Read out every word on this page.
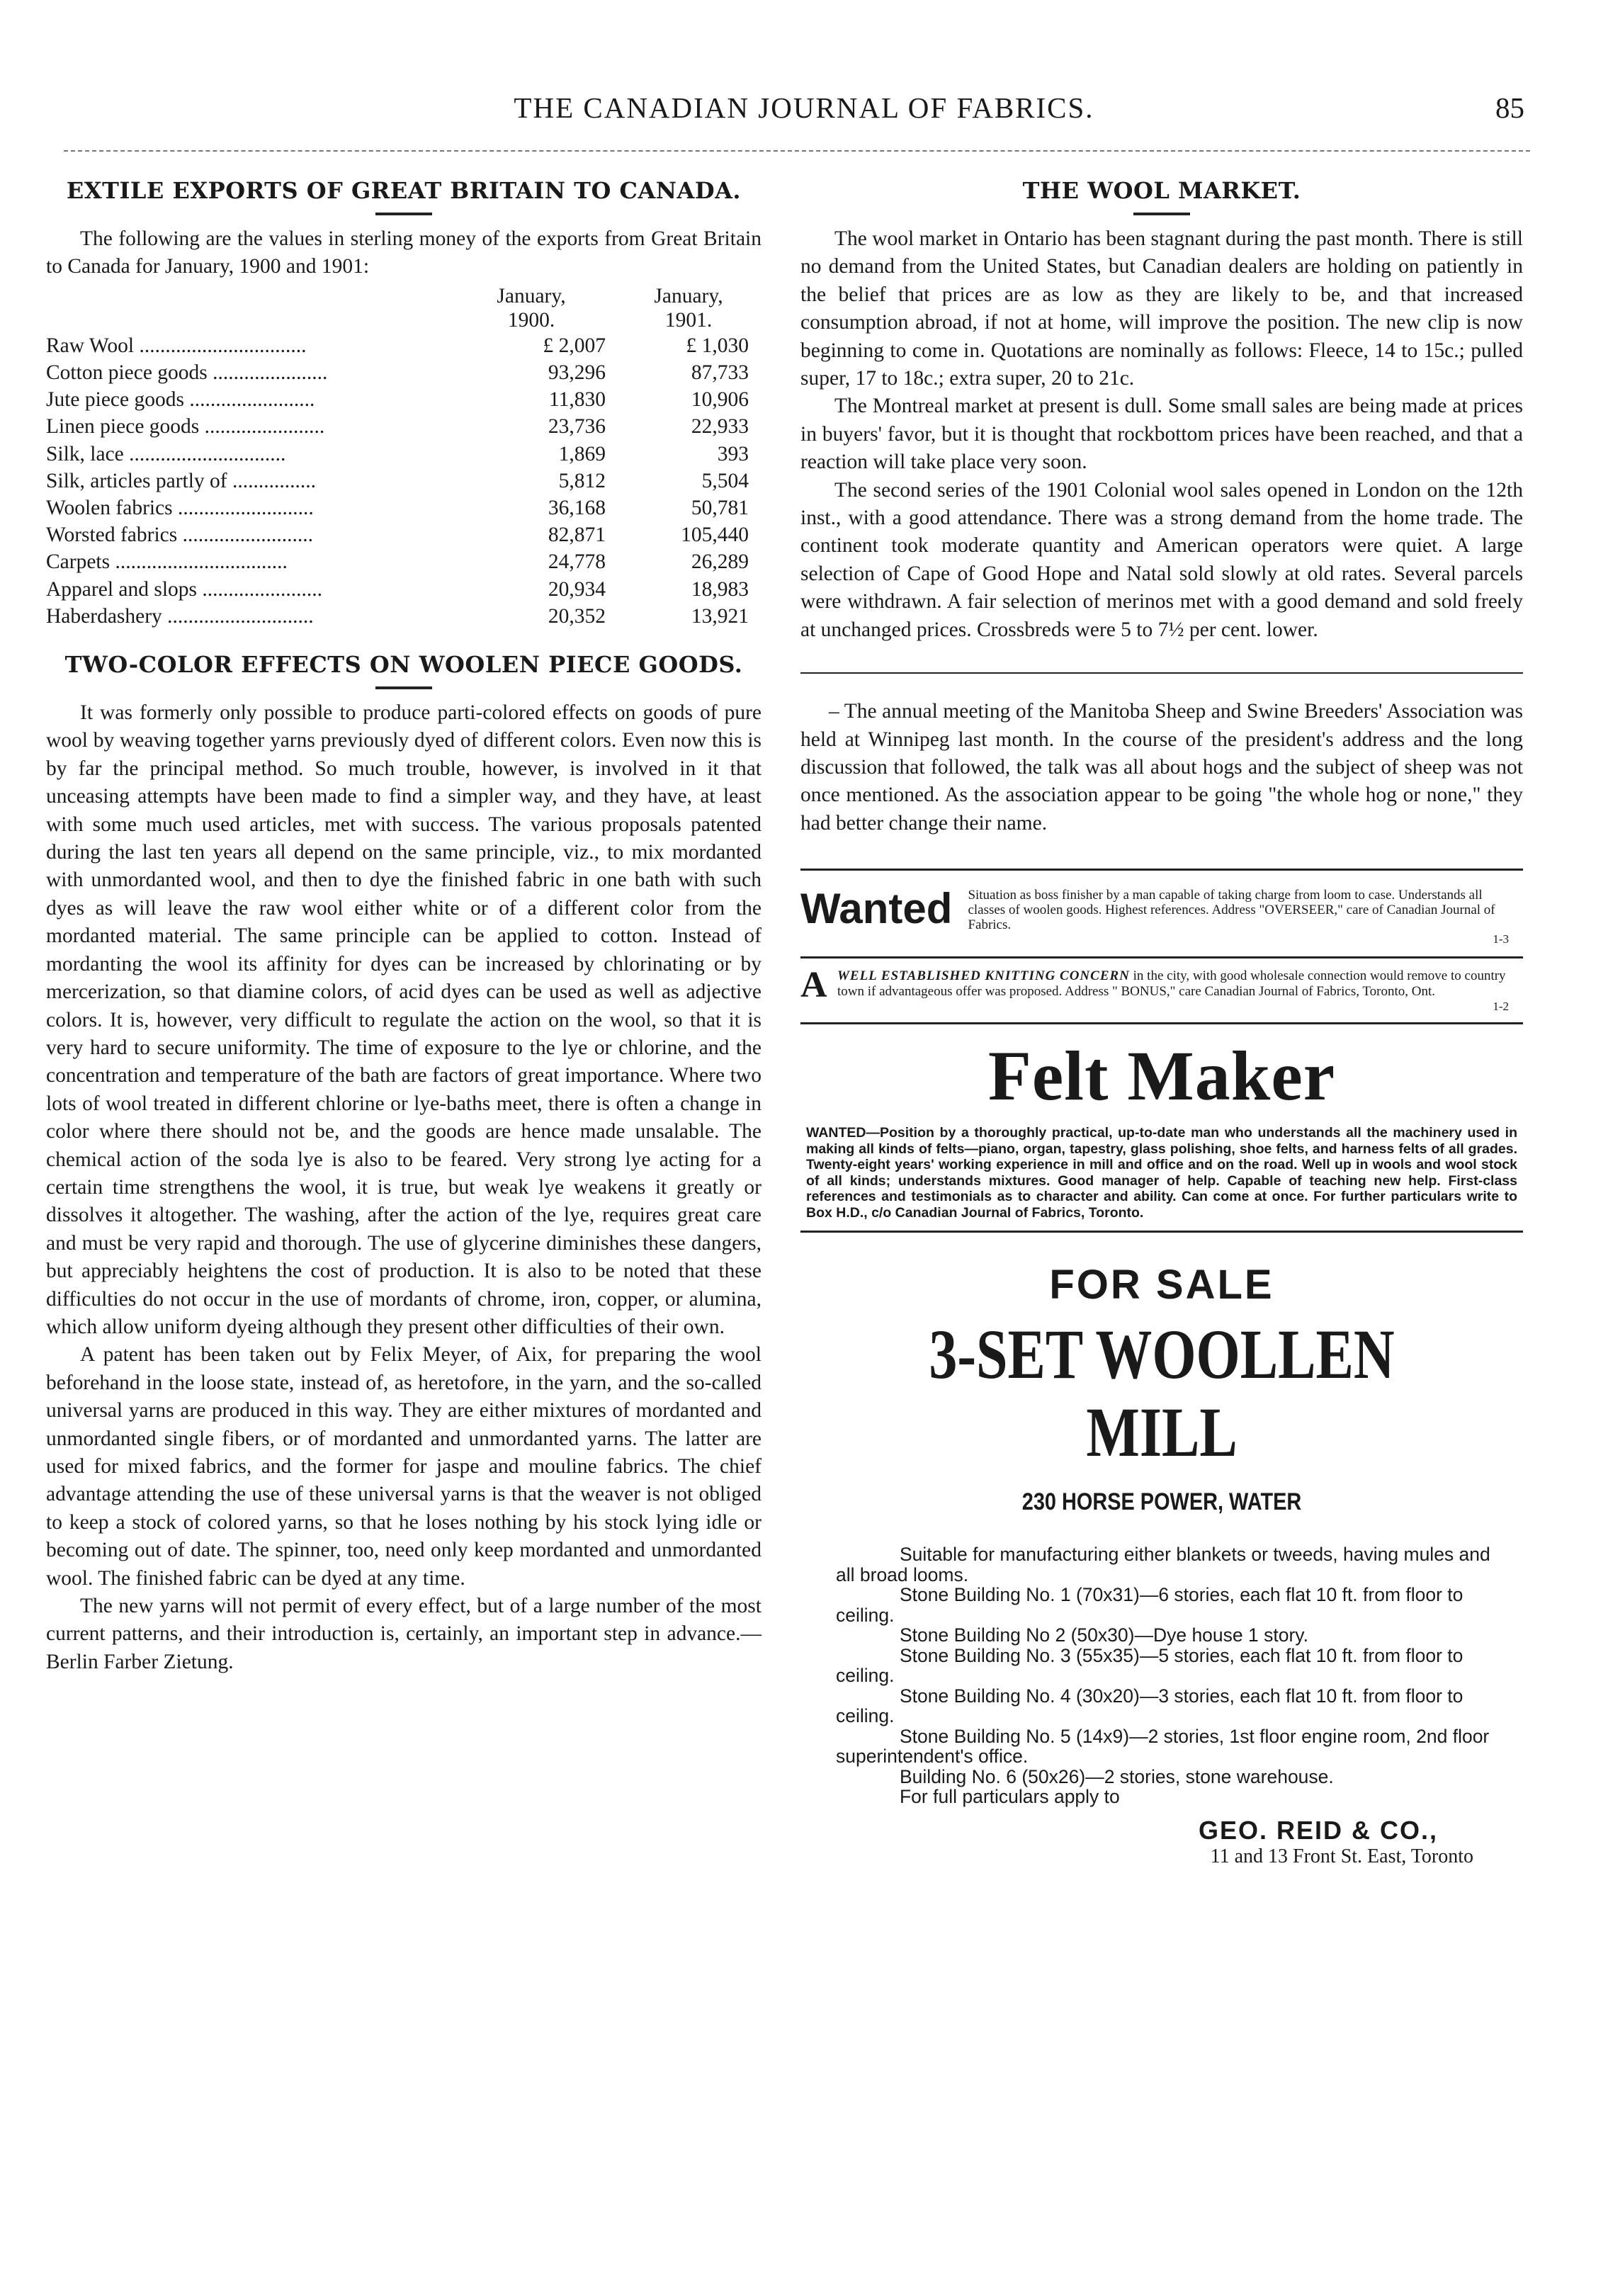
THE CANADIAN JOURNAL OF FABRICS.	85
EXTILE EXPORTS OF GREAT BRITAIN TO CANADA.

The following are the values in sterling money of the exports from Great Britain to Canada for January, 1900 and 1901:

	January,	January,
	1900.	1901.
Raw Wool ................................	£ 2,007	£ 1,030
Cotton piece goods ......................	93,296	87,733
Jute piece goods ........................	11,830	10,906
Linen piece goods .......................	23,736	22,933
Silk, lace ..............................	1,869	393
Silk, articles partly of ................	5,812	5,504
Woolen fabrics ..........................	36,168	50,781
Worsted fabrics .........................	82,871	105,440
Carpets .................................	24,778	26,289
Apparel and slops .......................	20,934	18,983
Haberdashery ............................	20,352	13,921
TWO-COLOR EFFECTS ON WOOLEN PIECE GOODS.

It was formerly only possible to produce parti-colored effects on goods of pure wool by weaving together yarns previously dyed of different colors. Even now this is by far the principal method. So much trouble, however, is involved in it that unceasing attempts have been made to find a simpler way, and they have, at least with some much used articles, met with success. The various proposals patented during the last ten years all depend on the same principle, viz., to mix mordanted with unmordanted wool, and then to dye the finished fabric in one bath with such dyes as will leave the raw wool either white or of a different color from the mordanted material. The same principle can be applied to cotton. Instead of mordanting the wool its affinity for dyes can be increased by chlorinating or by mercerization, so that diamine colors, of acid dyes can be used as well as adjective colors. It is, however, very difficult to regulate the action on the wool, so that it is very hard to secure uniformity. The time of exposure to the lye or chlorine, and the concentration and temperature of the bath are factors of great importance. Where two lots of wool treated in different chlorine or lye-baths meet, there is often a change in color where there should not be, and the goods are hence made unsalable. The chemical action of the soda lye is also to be feared. Very strong lye acting for a certain time strengthens the wool, it is true, but weak lye weakens it greatly or dissolves it altogether. The washing, after the action of the lye, requires great care and must be very rapid and thorough. The use of glycerine diminishes these dangers, but appreciably heightens the cost of production. It is also to be noted that these difficulties do not occur in the use of mordants of chrome, iron, copper, or alumina, which allow uniform dyeing although they present other difficulties of their own.

A patent has been taken out by Felix Meyer, of Aix, for preparing the wool beforehand in the loose state, instead of, as heretofore, in the yarn, and the so-called universal yarns are produced in this way. They are either mixtures of mordanted and unmordanted single fibers, or of mordanted and unmordanted yarns. The latter are used for mixed fabrics, and the former for jaspe and mouline fabrics. The chief advantage attending the use of these universal yarns is that the weaver is not obliged to keep a stock of colored yarns, so that he loses nothing by his stock lying idle or becoming out of date. The spinner, too, need only keep mordanted and unmordanted wool. The finished fabric can be dyed at any time.

The new yarns will not permit of every effect, but of a large number of the most current patterns, and their introduction is, certainly, an important step in advance.—Berlin Farber Zietung.

THE WOOL MARKET.

The wool market in Ontario has been stagnant during the past month. There is still no demand from the United States, but Canadian dealers are holding on patiently in the belief that prices are as low as they are likely to be, and that increased consumption abroad, if not at home, will improve the position. The new clip is now beginning to come in. Quotations are nominally as follows: Fleece, 14 to 15c.; pulled super, 17 to 18c.; extra super, 20 to 21c.

The Montreal market at present is dull. Some small sales are being made at prices in buyers' favor, but it is thought that rockbottom prices have been reached, and that a reaction will take place very soon.

The second series of the 1901 Colonial wool sales opened in London on the 12th inst., with a good attendance. There was a strong demand from the home trade. The continent took moderate quantity and American operators were quiet. A large selection of Cape of Good Hope and Natal sold slowly at old rates. Several parcels were withdrawn. A fair selection of merinos met with a good demand and sold freely at unchanged prices. Crossbreds were 5 to 7½ per cent. lower.

– The annual meeting of the Manitoba Sheep and Swine Breeders' Association was held at Winnipeg last month. In the course of the president's address and the long discussion that followed, the talk was all about hogs and the subject of sheep was not once mentioned. As the association appear to be going "the whole hog or none," they had better change their name.

Wanted Situation as boss finisher by a man capable of taking charge from loom to case. Understands all classes of woolen goods. Highest references. Address "OVERSEER," care of Canadian Journal of Fabrics.
1-3
A WELL ESTABLISHED KNITTING CONCERN in the city, with good wholesale connection would remove to country town if advantageous offer was proposed. Address " BONUS," care Canadian Journal of Fabrics, Toronto, Ont.
1-2
Felt Maker
WANTED—Position by a thoroughly practical, up-to-date man who understands all the machinery used in making all kinds of felts—piano, organ, tapestry, glass polishing, shoe felts, and harness felts of all grades. Twenty-eight years' working experience in mill and office and on the road. Well up in wools and wool stock of all kinds; understands mixtures. Good manager of help. Capable of teaching new help. First-class references and testimonials as to character and ability. Can come at once. For further particulars write to Box H.D., c/o Canadian Journal of Fabrics, Toronto.
FOR SALE
3-SET WOOLLEN MILL
230 HORSE POWER, WATER
Suitable for manufacturing either blankets or tweeds, having mules and all broad looms.
Stone Building No. 1 (70x31)—6 stories, each flat 10 ft. from floor to ceiling.
Stone Building No 2 (50x30)—Dye house 1 story.
Stone Building No. 3 (55x35)—5 stories, each flat 10 ft. from floor to ceiling.
Stone Building No. 4 (30x20)—3 stories, each flat 10 ft. from floor to ceiling.
Stone Building No. 5 (14x9)—2 stories, 1st floor engine room, 2nd floor superintendent's office.
Building No. 6 (50x26)—2 stories, stone warehouse.
For full particulars apply to
GEO. REID & CO.,
11 and 13 Front St. East, Toronto
